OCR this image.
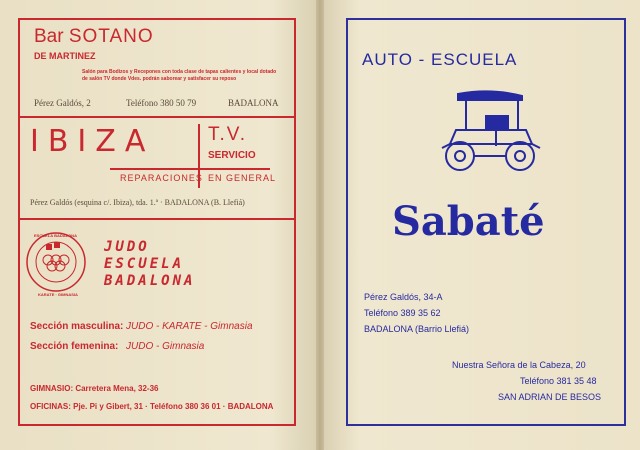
Bar SOTANO
DE MARTINEZ
Salón para Bodizos y Recepones con toda clase de tapas calientes y local dotado de salón TV donde Vdes. podrán saborear y satisfacer su reposo
Pérez Galdós, 2	Teléfono 380 50 79	BADALONA
IBIZA	T.V.
SERVICIO
REPARACIONES EN GENERAL
Pérez Galdós (esquina c/. Ibiza), tda. 1.ª · BADALONA (B. Llefiá)
ESCUELA BADALONA
KARATE · GIMNASIA
JUDO
ESCUELA
BADALONA
Sección masculina: JUDO - KARATE - Gimnasia
Sección femenina: JUDO - Gimnasia
GIMNASIO: Carretera Mena, 32-36
OFICINAS: Pje. Pi y Gibert, 31 · Teléfono 380 36 01 · BADALONA
AUTO - ESCUELA
Sabaté
Pérez Galdós, 34-A
Teléfono 389 35 62
BADALONA (Barrio Llefiá)
Nuestra Señora de la Cabeza, 20
Teléfono 381 35 48
SAN ADRIAN DE BESOS
